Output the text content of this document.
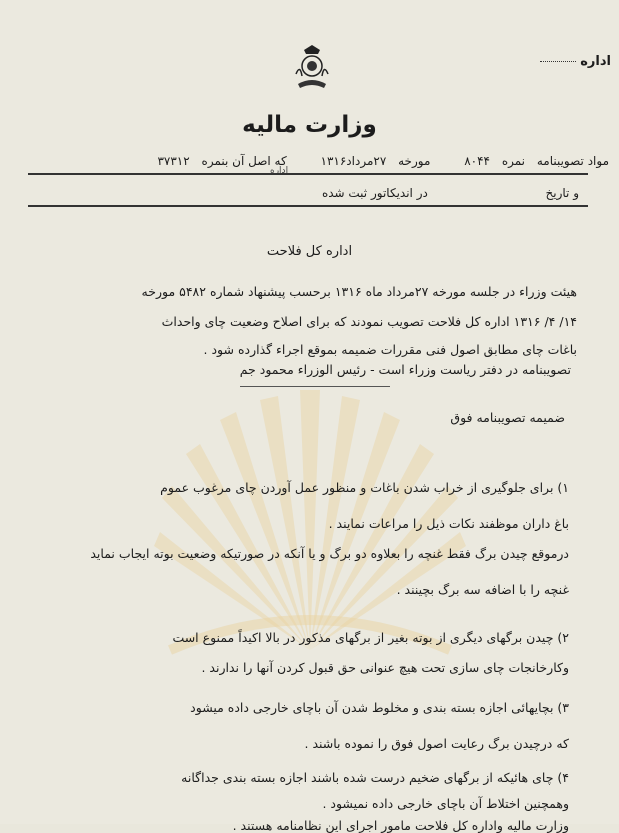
اداره
وزارت مالیه
مواد تصویبنامه نمره ۸۰۴۴ مورخه ۲۷مرداد۱۳۱۶ که اصل آن بنمره ۳۷۳۱۲
اداره
و تاریخ  در اندیکاتور ثبت شده
اداره کل فلاحت
هیئت وزراء در جلسه مورخه ۲۷مرداد ماه ۱۳۱۶ برحسب پیشنهاد شماره ۵۴۸۲ مورخه
۱۴/ ۴/ ۱۳۱۶ اداره کل فلاحت تصویب نمودند که برای اصلاح وضعیت چای واحداث
باغات چای مطابق اصول فنی مقررات ضمیمه بموقع اجراء گذارده شود .
تصویبنامه در دفتر ریاست وزراء است - رئیس الوزراء محمود جم
ضمیمه تصویبنامه فوق
۱) برای جلوگیری از خراب شدن باغات و منظور عمل آوردن چای مرغوب عموم
باغ داران موظفند نکات ذیل را مراعات نمایند .
درموقع چیدن برگ فقط غنچه را بعلاوه دو برگ و یا آنکه در صورتیکه وضعیت بوته ایجاب نماید
غنچه را با اضافه سه برگ بچینند .
۲) چیدن برگهای دیگری از بوته بغیر از برگهای مذکور در بالا اکیداً ممنوع است
وکارخانجات چای سازی تحت هیچ عنوانی حق قبول کردن آنها را ندارند .
۳) بچایهائی اجازه بسته بندی و مخلوط شدن آن باچای خارجی داده میشود
که درچیدن برگ رعایت اصول فوق را نموده باشند .
۴) چای هائیکه از برگهای ضخیم درست شده باشند اجازه بسته بندی جداگانه
وهمچنین اختلاط آن باچای خارجی داده نمیشود .
وزارت مالیه واداره کل فلاحت مامور اجرای این نظامنامه هستند .
